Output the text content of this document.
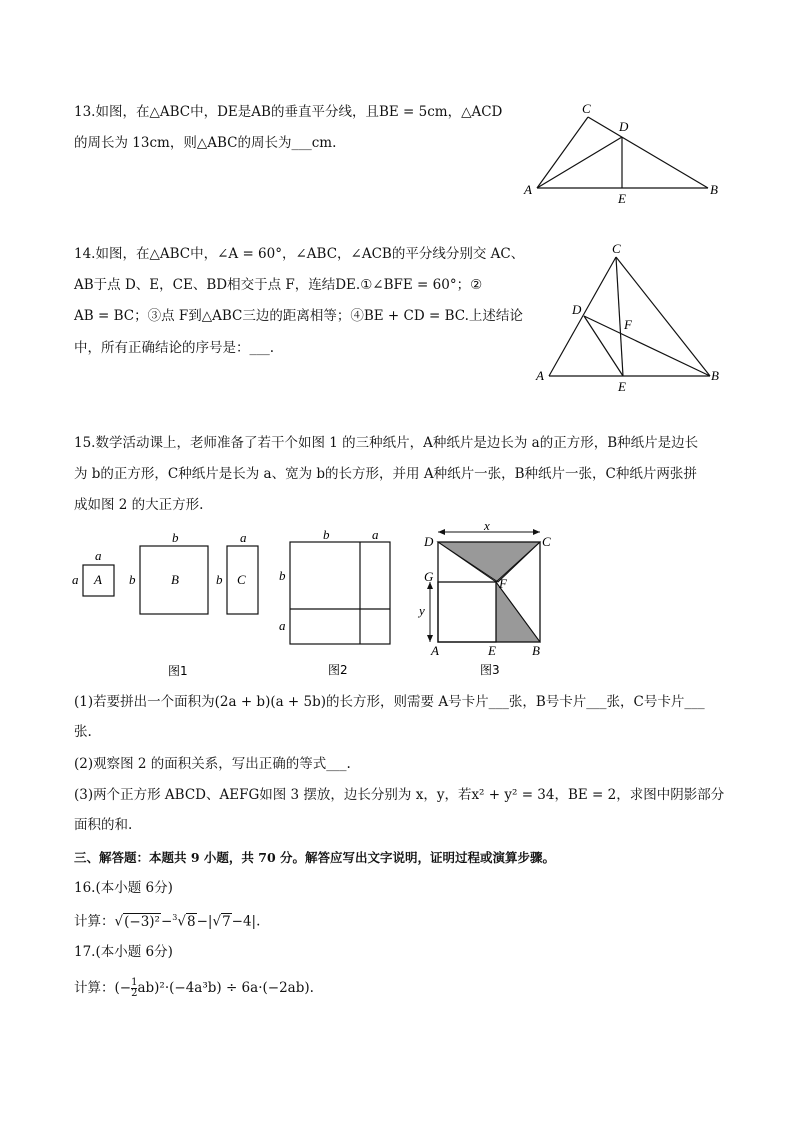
13.如图，在△ABC中，DE是AB的垂直平分线，且BE = 5cm，△ACD
的周长为 13cm，则△ABC的周长为___cm.
C
D
A
E
B
14.如图，在△ABC中，∠A = 60°，∠ABC，∠ACB的平分线分别交 AC、
AB于点 D、E，CE、BD相交于点 F，连结DE.①∠BFE = 60°；②
AB = BC；③点 F到△ABC三边的距离相等；④BE + CD = BC.上述结论
中，所有正确结论的序号是：___.
C
D
F
A
E
B
15.数学活动课上，老师准备了若干个如图 1 的三种纸片，A种纸片是边长为 a的正方形，B种纸片是边长
为 b的正方形，C种纸片是长为 a、宽为 b的长方形，并用 A种纸片一张，B种纸片一张，C种纸片两张拼
成如图 2 的大正方形.
a
a A
b
b	B
a
b C
图1
b	a
b
a
图2
x
y
D	C
G	F
A	E	B
图3
(1)若要拼出一个面积为(2a + b)(a + 5b)的长方形，则需要 A号卡片___张，B号卡片___张，C号卡片___
张.
(2)观察图 2 的面积关系，写出正确的等式___.
(3)两个正方形 ABCD、AEFG如图 3 摆放，边长分别为 x，y，若x² + y² = 34，BE = 2，求图中阴影部分
面积的和.
三、解答题：本题共 9 小题，共 70 分。解答应写出文字说明，证明过程或演算步骤。
16.(本小题 6分)
计算：√(−3)²−$^3$√8−|√7−4|.
17.(本小题 6分)
计算：(− $\frac{1}{2} ab)^2\cdot(-4a^3b) \div 6a\cdot(-2ab)$.
